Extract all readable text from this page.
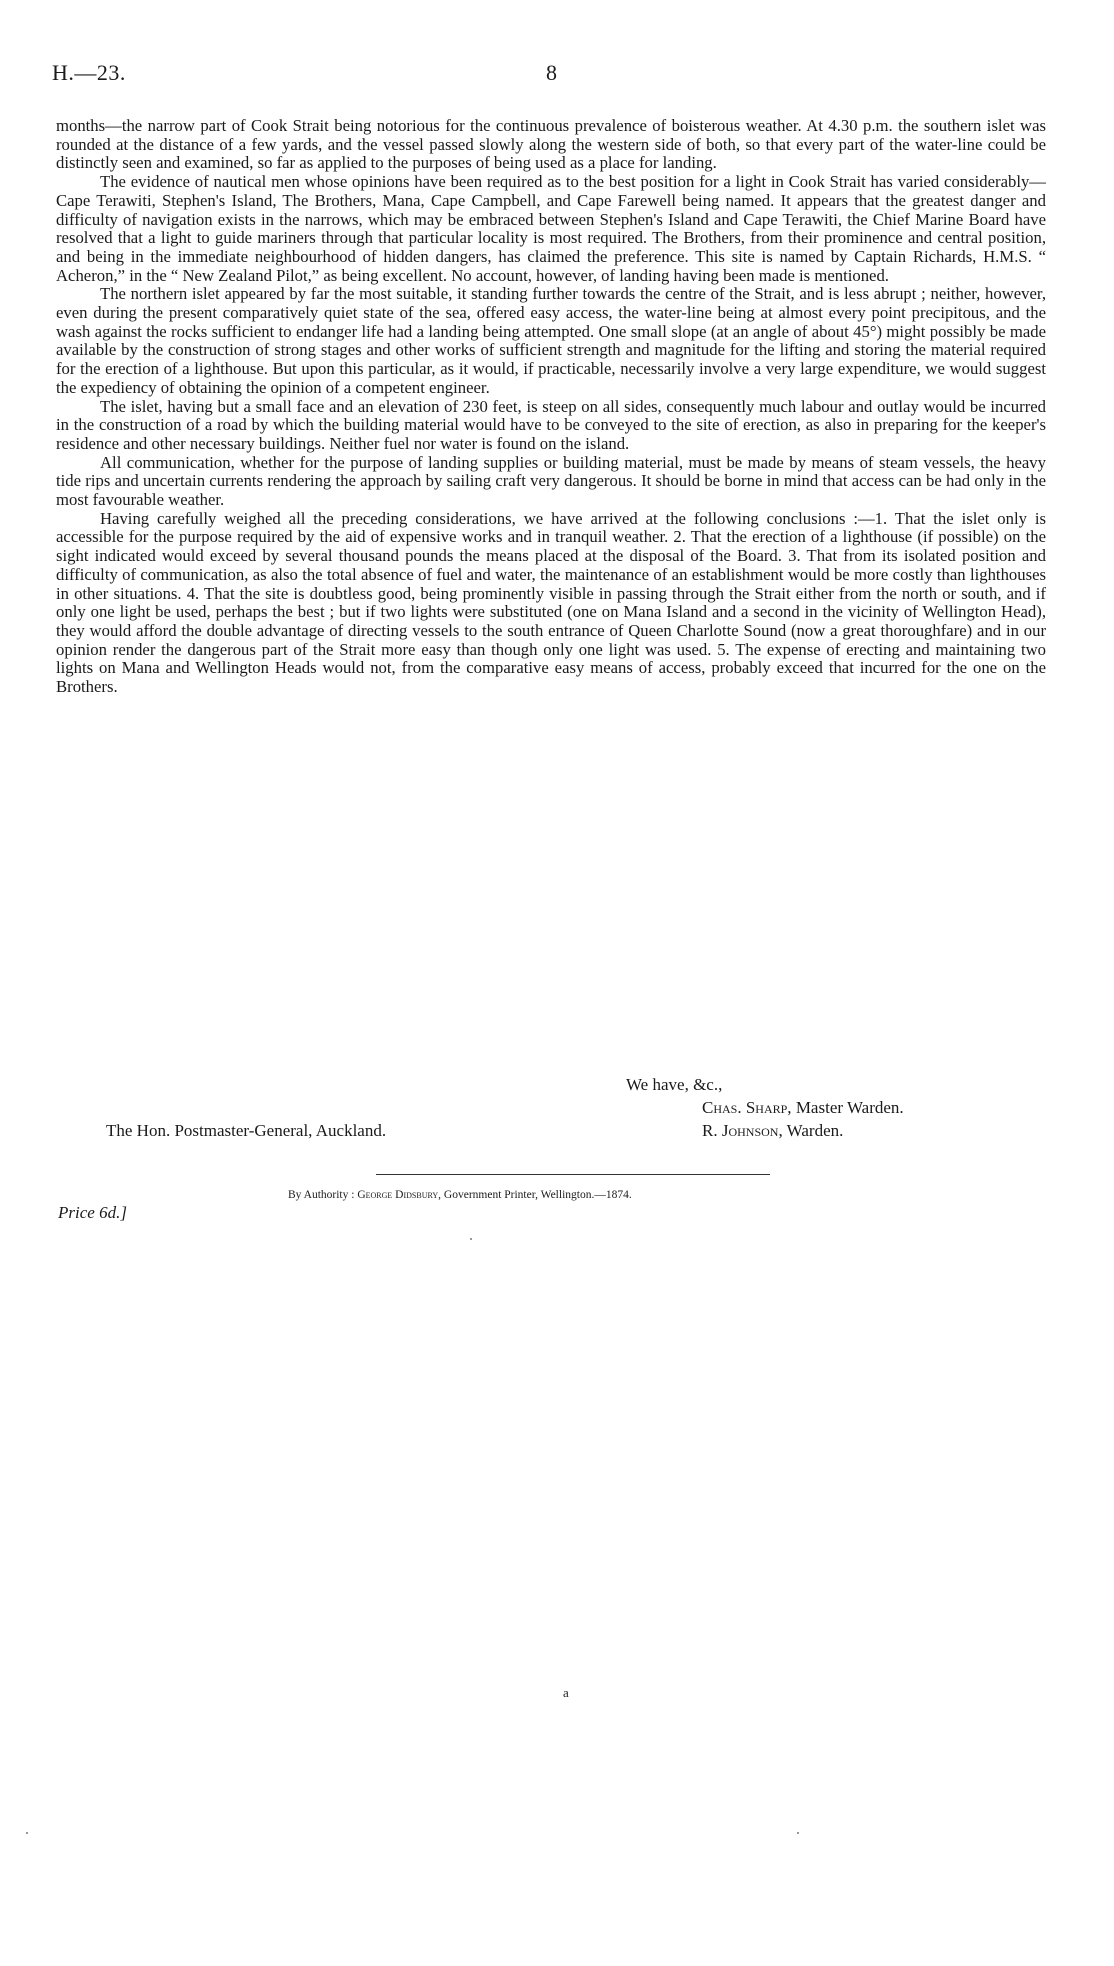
H.—23.	8

months—the narrow part of Cook Strait being notorious for the continuous prevalence of boisterous weather. At 4.30 p.m. the southern islet was rounded at the distance of a few yards, and the vessel passed slowly along the western side of both, so that every part of the water-line could be distinctly seen and examined, so far as applied to the purposes of being used as a place for landing.

The evidence of nautical men whose opinions have been required as to the best position for a light in Cook Strait has varied considerably—Cape Terawiti, Stephen's Island, The Brothers, Mana, Cape Campbell, and Cape Farewell being named. It appears that the greatest danger and difficulty of navigation exists in the narrows, which may be embraced between Stephen's Island and Cape Terawiti, the Chief Marine Board have resolved that a light to guide mariners through that particular locality is most required. The Brothers, from their prominence and central position, and being in the immediate neighbourhood of hidden dangers, has claimed the preference. This site is named by Captain Richards, H.M.S. “ Acheron,” in the “ New Zealand Pilot,” as being excellent. No account, however, of landing having been made is mentioned.

The northern islet appeared by far the most suitable, it standing further towards the centre of the Strait, and is less abrupt ; neither, however, even during the present comparatively quiet state of the sea, offered easy access, the water-line being at almost every point precipitous, and the wash against the rocks sufficient to endanger life had a landing being attempted. One small slope (at an angle of about 45°) might possibly be made available by the construction of strong stages and other works of sufficient strength and magnitude for the lifting and storing the material required for the erection of a lighthouse. But upon this particular, as it would, if practicable, necessarily involve a very large expenditure, we would suggest the expediency of obtaining the opinion of a competent engineer.

The islet, having but a small face and an elevation of 230 feet, is steep on all sides, consequently much labour and outlay would be incurred in the construction of a road by which the building material would have to be conveyed to the site of erection, as also in preparing for the keeper's residence and other necessary buildings. Neither fuel nor water is found on the island.

All communication, whether for the purpose of landing supplies or building material, must be made by means of steam vessels, the heavy tide rips and uncertain currents rendering the approach by sailing craft very dangerous. It should be borne in mind that access can be had only in the most favourable weather.

Having carefully weighed all the preceding considerations, we have arrived at the following conclusions :—1. That the islet only is accessible for the purpose required by the aid of expensive works and in tranquil weather. 2. That the erection of a lighthouse (if possible) on the sight indicated would exceed by several thousand pounds the means placed at the disposal of the Board. 3. That from its isolated position and difficulty of communication, as also the total absence of fuel and water, the maintenance of an establishment would be more costly than lighthouses in other situations. 4. That the site is doubtless good, being prominently visible in passing through the Strait either from the north or south, and if only one light be used, perhaps the best ; but if two lights were substituted (one on Mana Island and a second in the vicinity of Wellington Head), they would afford the double advantage of directing vessels to the south entrance of Queen Charlotte Sound (now a great thoroughfare) and in our opinion render the dangerous part of the Strait more easy than though only one light was used. 5. The expense of erecting and maintaining two lights on Mana and Wellington Heads would not, from the comparative easy means of access, probably exceed that incurred for the one on the Brothers.

We have, &c.,
Chas. Sharp, Master Warden.
The Hon. Postmaster-General, Auckland.	R. Johnson, Warden.
By Authority : George Didsbury, Government Printer, Wellington.—1874.
Price 6d.]
a
